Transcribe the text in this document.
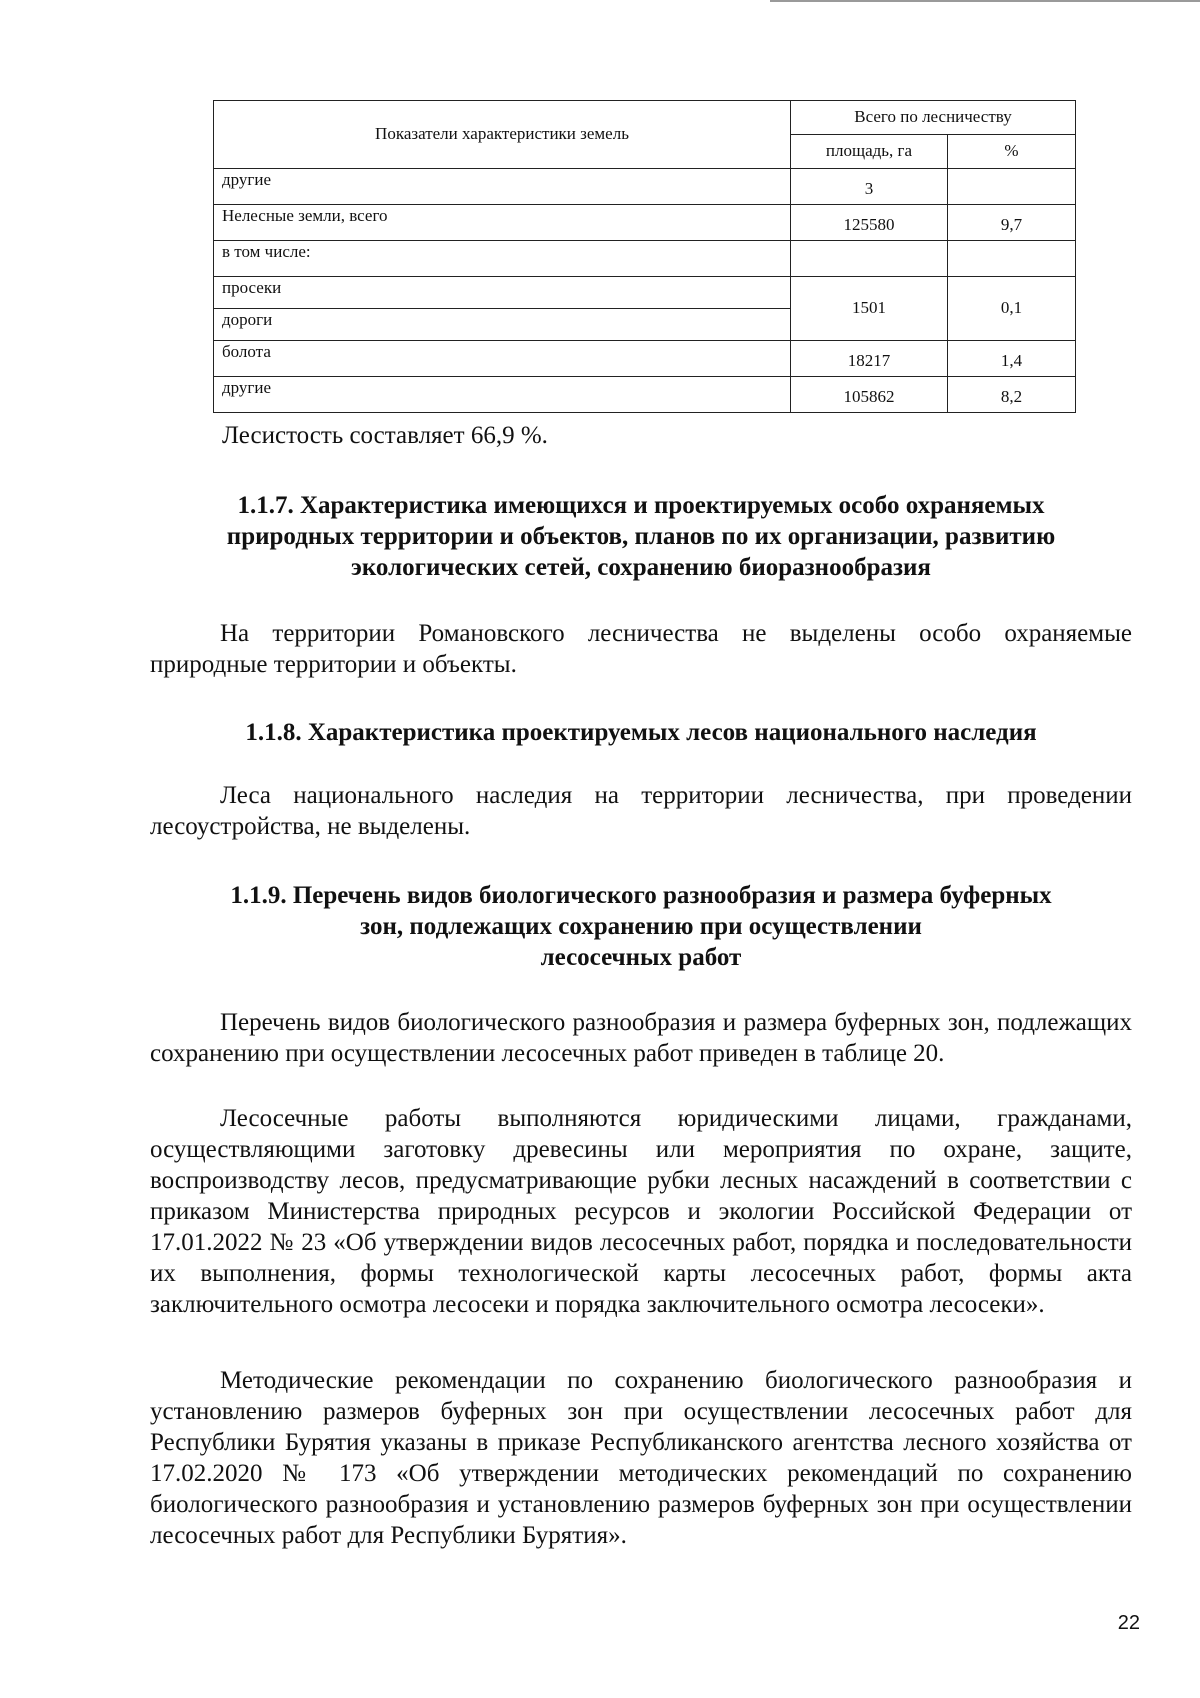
Показатели характеристики земель	Всего по лесничеству	
	площадь, га	%
другие	3	
Нелесные земли, всего	125580	9,7
в том числе:		
просеки	1501	0,1
дороги		
болота	18217	1,4
другие	105862	8,2

Лесистость составляет 66,9 %.

1.1.7. Характеристика имеющихся и проектируемых особо охраняемых
природных территории и объектов, планов по их организации, развитию
экологических сетей, сохранению биоразнообразия

На территории Романовского лесничества не выделены особо охраняемые природные территории и объекты.

1.1.8. Характеристика проектируемых лесов национального наследия

Леса национального наследия на территории лесничества, при проведении лесоустройства, не выделены.

1.1.9. Перечень видов биологического разнообразия и размера буферных
зон, подлежащих сохранению при осуществлении
лесосечных работ

Перечень видов биологического разнообразия и размера буферных зон, подлежащих сохранению при осуществлении лесосечных работ приведен в таблице 20.

Лесосечные работы выполняются юридическими лицами, гражданами, осуществляющими заготовку древесины или мероприятия по охране, защите, воспроизводству лесов, предусматривающие рубки лесных насаждений в соответствии с приказом Министерства природных ресурсов и экологии Российской Федерации от 17.01.2022 № 23 «Об утверждении видов лесосечных работ, порядка и последовательности их выполнения, формы технологической карты лесосечных работ, формы акта заключительного осмотра лесосеки и порядка заключительного осмотра лесосеки».

Методические рекомендации по сохранению биологического разнообразия и установлению размеров буферных зон при осуществлении лесосечных работ для Республики Бурятия указаны в приказе Республиканского агентства лесного хозяйства от 17.02.2020 № 173 «Об утверждении методических рекомендаций по сохранению биологического разнообразия и установлению размеров буферных зон при осуществлении лесосечных работ для Республики Бурятия».

22
